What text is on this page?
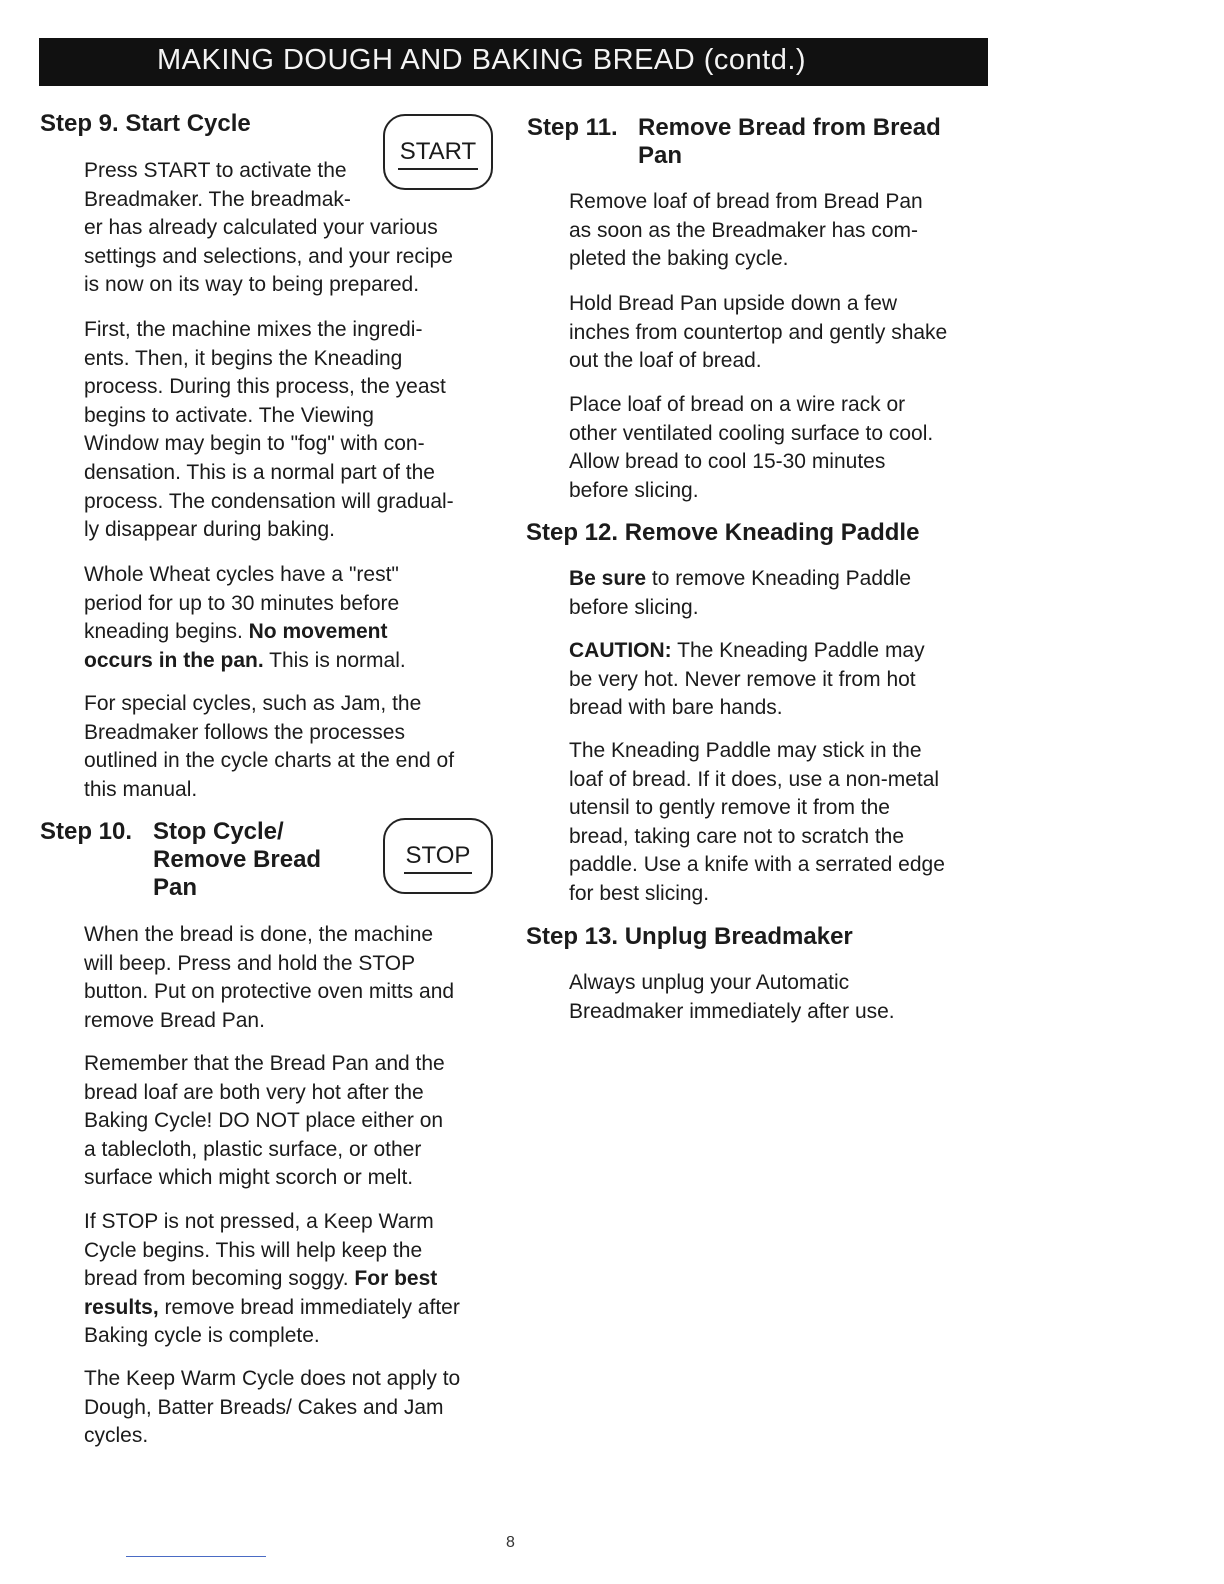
MAKING DOUGH AND BAKING BREAD (contd.)

Step 9. Start Cycle

START

Press START to activate the

Breadmaker. The breadmak-

er has already calculated your various

settings and selections, and your recipe

is now on its way to being prepared.

First, the machine mixes the ingredi-

ents. Then, it begins the Kneading

process. During this process, the yeast

begins to activate. The Viewing

Window may begin to "fog" with con-

densation. This is a normal part of the

process. The condensation will gradual-

ly disappear during baking.

Whole Wheat cycles have a "rest"

period for up to 30 minutes before

kneading begins. No movement

occurs in the pan. This is normal.

For special cycles, such as Jam, the

Breadmaker follows the processes

outlined in the cycle charts at the end of

this manual.

Step 10. Stop Cycle/

Remove Bread

Pan

STOP

When the bread is done, the machine

will beep. Press and hold the STOP

button. Put on protective oven mitts and

remove Bread Pan.

Remember that the Bread Pan and the

bread loaf are both very hot after the

Baking Cycle! DO NOT place either on

a tablecloth, plastic surface, or other

surface which might scorch or melt.

If STOP is not pressed, a Keep Warm

Cycle begins. This will help keep the

bread from becoming soggy. For best

results, remove bread immediately after

Baking cycle is complete.

The Keep Warm Cycle does not apply to

Dough, Batter Breads/ Cakes and Jam

cycles.

Step 11. Remove Bread from Bread

Pan

Remove loaf of bread from Bread Pan

as soon as the Breadmaker has com-

pleted the baking cycle.

Hold Bread Pan upside down a few

inches from countertop and gently shake

out the loaf of bread.

Place loaf of bread on a wire rack or

other ventilated cooling surface to cool.

Allow bread to cool 15-30 minutes

before slicing.

Step 12. Remove Kneading Paddle

Be sure to remove Kneading Paddle

before slicing.

CAUTION: The Kneading Paddle may

be very hot. Never remove it from hot

bread with bare hands.

The Kneading Paddle may stick in the

loaf of bread. If it does, use a non-metal

utensil to gently remove it from the

bread, taking care not to scratch the

paddle. Use a knife with a serrated edge

for best slicing.

Step 13. Unplug Breadmaker

Always unplug your Automatic

Breadmaker immediately after use.

8
